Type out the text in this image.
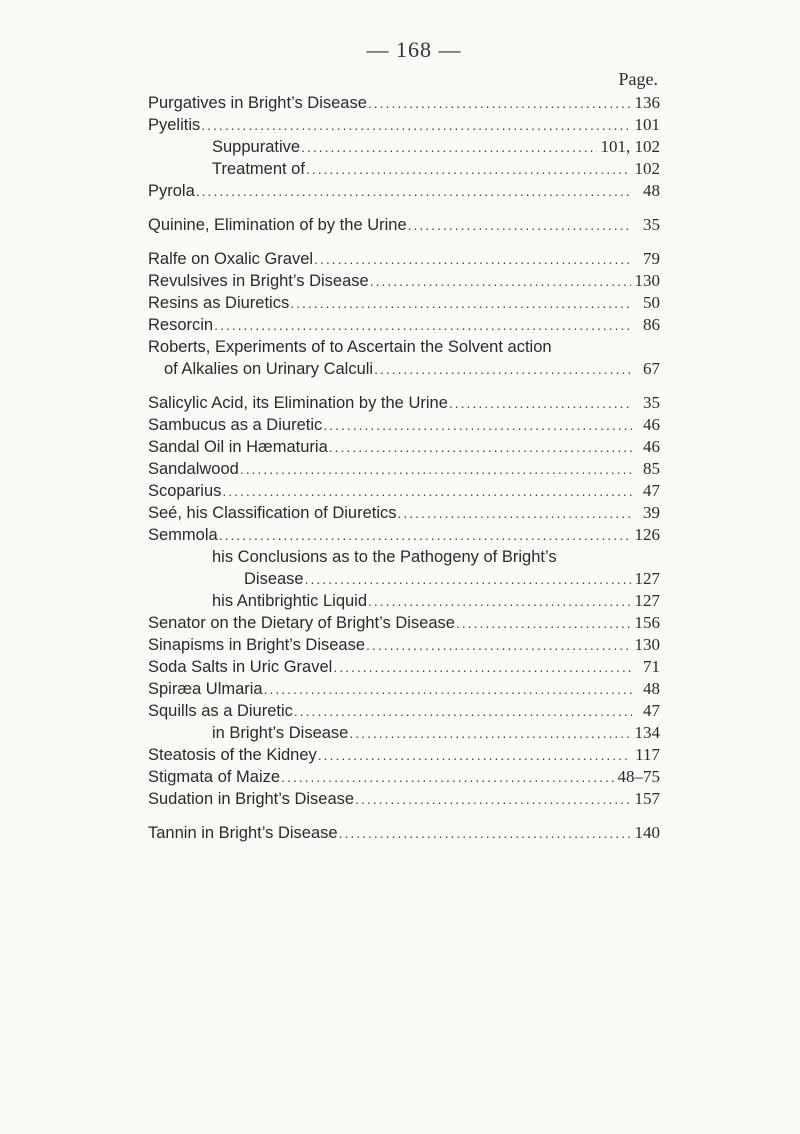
— 168 —
Page.
Purgatives in Bright’s Disease .....	136
Pyelitis .....	101
Suppurative .....	101, 102
Treatment of .....	102
Pyrola .....	48
Quinine, Elimination of by the Urine .....	35
Ralfe on Oxalic Gravel .....	79
Revulsives in Bright’s Disease .....	130
Resins as Diuretics .....	50
Resorcin .....	86
Roberts, Experiments of to Ascertain the Solvent action
of Alkalies on Urinary Calculi .....	67
Salicylic Acid, its Elimination by the Urine .....	35
Sambucus as a Diuretic .....	46
Sandal Oil in Hæmaturia .....	46
Sandalwood .....	85
Scoparius .....	47
Seé, his Classification of Diuretics .....	39
Semmola .....	126
his Conclusions as to the Pathogeny of Bright’s
Disease .....	127
his Antibrightic Liquid .....	127
Senator on the Dietary of Bright’s Disease .....	156
Sinapisms in Bright’s Disease .....	130
Soda Salts in Uric Gravel .....	71
Spiræa Ulmaria .....	48
Squills as a Diuretic .....	47
in Bright’s Disease .....	134
Steatosis of the Kidney .....	117
Stigmata of Maize .....	48–75
Sudation in Bright’s Disease .....	157
Tannin in Bright’s Disease .....	140
